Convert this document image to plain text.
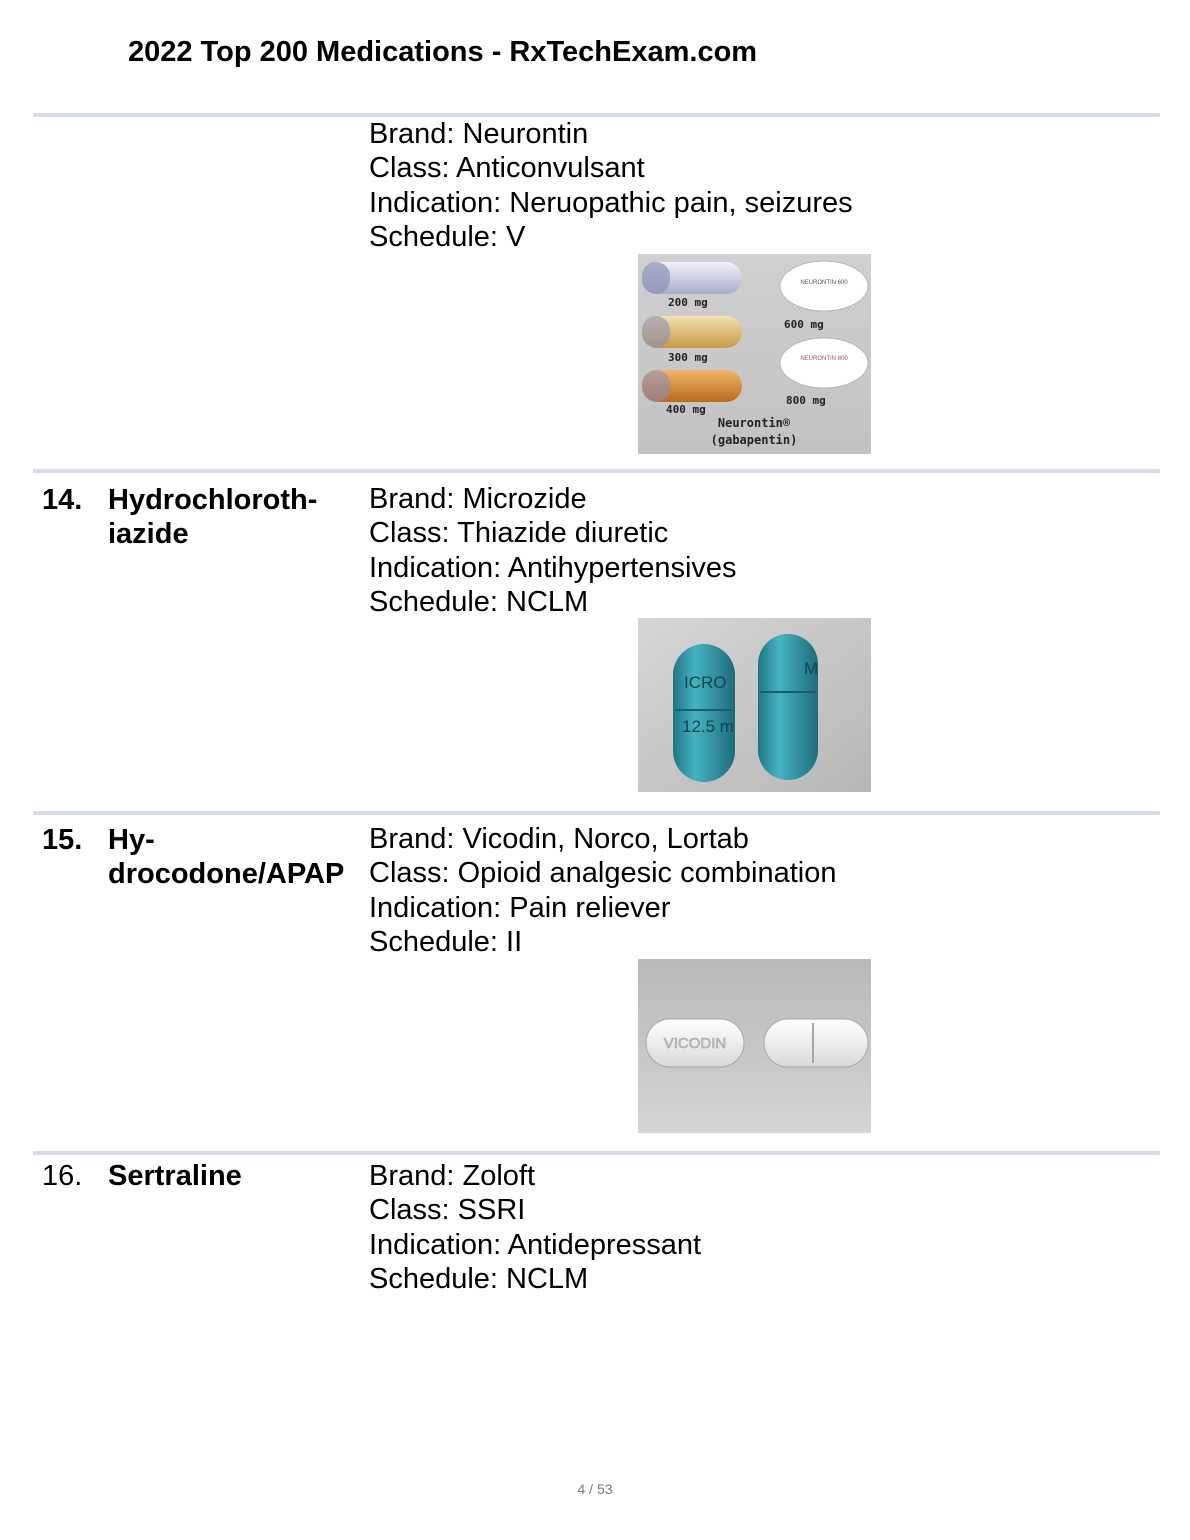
2022 Top 200 Medications - RxTechExam.com
Brand: Neurontin
Class: Anticonvulsant
Indication: Neruopathic pain, seizures
Schedule: V
NEURONTIN 600
NEURONTIN 800
200 mg
300 mg
400 mg
600 mg
800 mg
Neurontin®
(gabapentin)
14. Hydrochloroth-
iazide
Brand: Microzide
Class: Thiazide diuretic
Indication: Antihypertensives
Schedule: NCLM
ICRO
12.5 m
M
15. Hy-
drocodone/APAP
Brand: Vicodin, Norco, Lortab
Class: Opioid analgesic combination
Indication: Pain reliever
Schedule: II
VICODIN
16. Sertraline	Brand: Zoloft
Class: SSRI
Indication: Antidepressant
Schedule: NCLM
4 / 53
